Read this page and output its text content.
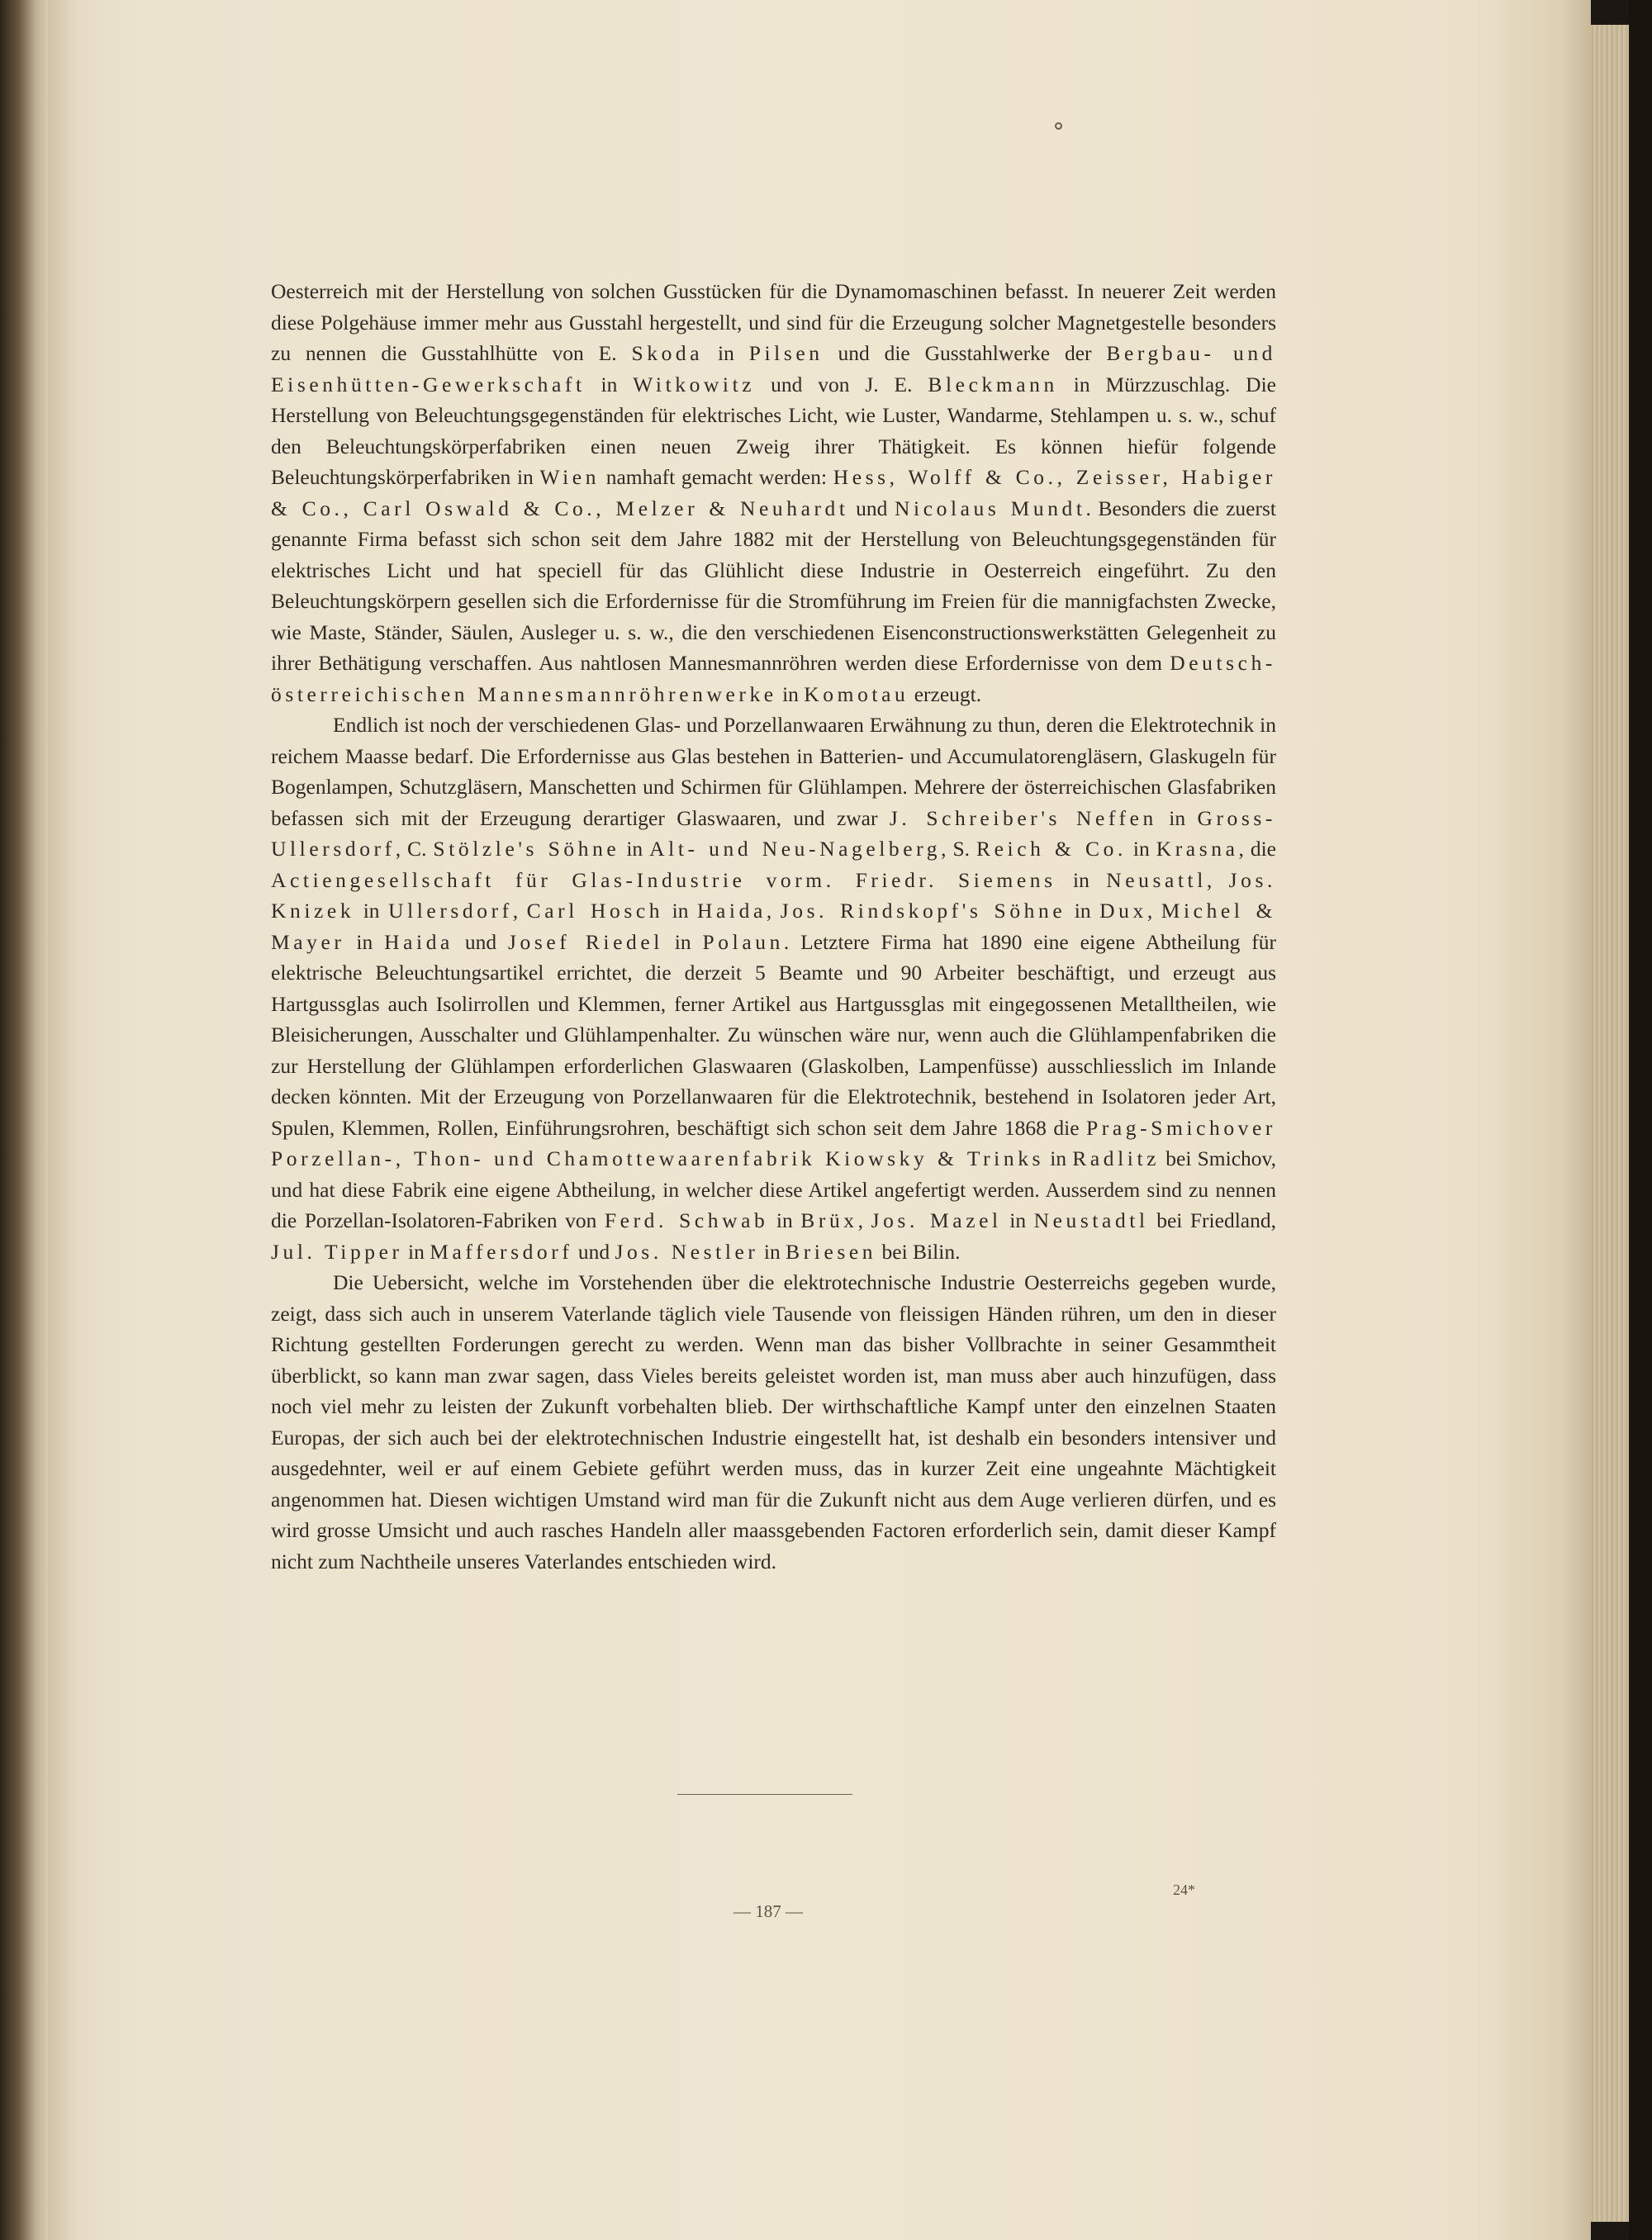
Oesterreich mit der Herstellung von solchen Gusstücken für die Dynamomaschinen befasst. In neuerer Zeit werden diese Polgehäuse immer mehr aus Gusstahl hergestellt, und sind für die Erzeugung solcher Magnetgestelle besonders zu nennen die Gusstahlhütte von E. Skoda in Pilsen und die Gusstahlwerke der Bergbau- und Eisenhütten-Gewerkschaft in Witkowitz und von J. E. Bleckmann in Mürzzuschlag. Die Herstellung von Beleuchtungsgegenständen für elektrisches Licht, wie Luster, Wandarme, Stehlampen u. s. w., schuf den Beleuchtungskörperfabriken einen neuen Zweig ihrer Thätigkeit. Es können hiefür folgende Beleuchtungskörperfabriken in Wien namhaft gemacht werden: Hess, Wolff & Co., Zeisser, Habiger & Co., Carl Oswald & Co., Melzer & Neuhardt und Nicolaus Mundt. Besonders die zuerst genannte Firma befasst sich schon seit dem Jahre 1882 mit der Herstellung von Beleuchtungsgegenständen für elektrisches Licht und hat speciell für das Glühlicht diese Industrie in Oesterreich eingeführt. Zu den Beleuchtungskörpern gesellen sich die Erfordernisse für die Stromführung im Freien für die mannigfachsten Zwecke, wie Maste, Ständer, Säulen, Ausleger u. s. w., die den verschiedenen Eisenconstructionswerkstätten Gelegenheit zu ihrer Bethätigung verschaffen. Aus nahtlosen Mannesmannröhren werden diese Erfordernisse von dem Deutsch-österreichischen Mannesmannröhrenwerke in Komotau erzeugt.

Endlich ist noch der verschiedenen Glas- und Porzellanwaaren Erwähnung zu thun, deren die Elektrotechnik in reichem Maasse bedarf. Die Erfordernisse aus Glas bestehen in Batterien- und Accumulatorengläsern, Glaskugeln für Bogenlampen, Schutzgläsern, Manschetten und Schirmen für Glühlampen. Mehrere der österreichischen Glasfabriken befassen sich mit der Erzeugung derartiger Glaswaaren, und zwar J. Schreiber's Neffen in Gross-Ullersdorf, C. Stölzle's Söhne in Alt- und Neu-Nagelberg, S. Reich & Co. in Krasna, die Actiengesellschaft für Glas-Industrie vorm. Friedr. Siemens in Neusattl, Jos. Knizek in Ullersdorf, Carl Hosch in Haida, Jos. Rindskopf's Söhne in Dux, Michel & Mayer in Haida und Josef Riedel in Polaun. Letztere Firma hat 1890 eine eigene Abtheilung für elektrische Beleuchtungsartikel errichtet, die derzeit 5 Beamte und 90 Arbeiter beschäftigt, und erzeugt aus Hartgussglas auch Isolirrollen und Klemmen, ferner Artikel aus Hartgussglas mit eingegossenen Metalltheilen, wie Bleisicherungen, Ausschalter und Glühlampenhalter. Zu wünschen wäre nur, wenn auch die Glühlampenfabriken die zur Herstellung der Glühlampen erforderlichen Glaswaaren (Glaskolben, Lampenfüsse) ausschliesslich im Inlande decken könnten. Mit der Erzeugung von Porzellanwaaren für die Elektrotechnik, bestehend in Isolatoren jeder Art, Spulen, Klemmen, Rollen, Einführungsrohren, beschäftigt sich schon seit dem Jahre 1868 die Prag-Smichover Porzellan-, Thon- und Chamottewaarenfabrik Kiowsky & Trinks in Radlitz bei Smichov, und hat diese Fabrik eine eigene Abtheilung, in welcher diese Artikel angefertigt werden. Ausserdem sind zu nennen die Porzellan-Isolatoren-Fabriken von Ferd. Schwab in Brüx, Jos. Mazel in Neustadtl bei Friedland, Jul. Tipper in Maffersdorf und Jos. Nestler in Briesen bei Bilin.

Die Uebersicht, welche im Vorstehenden über die elektrotechnische Industrie Oesterreichs gegeben wurde, zeigt, dass sich auch in unserem Vaterlande täglich viele Tausende von fleissigen Händen rühren, um den in dieser Richtung gestellten Forderungen gerecht zu werden. Wenn man das bisher Vollbrachte in seiner Gesammtheit überblickt, so kann man zwar sagen, dass Vieles bereits geleistet worden ist, man muss aber auch hinzufügen, dass noch viel mehr zu leisten der Zukunft vorbehalten blieb. Der wirthschaftliche Kampf unter den einzelnen Staaten Europas, der sich auch bei der elektrotechnischen Industrie eingestellt hat, ist deshalb ein besonders intensiver und ausgedehnter, weil er auf einem Gebiete geführt werden muss, das in kurzer Zeit eine ungeahnte Mächtigkeit angenommen hat. Diesen wichtigen Umstand wird man für die Zukunft nicht aus dem Auge verlieren dürfen, und es wird grosse Umsicht und auch rasches Handeln aller maassgebenden Factoren erforderlich sein, damit dieser Kampf nicht zum Nachtheile unseres Vaterlandes entschieden wird.

24*
— 187 —
